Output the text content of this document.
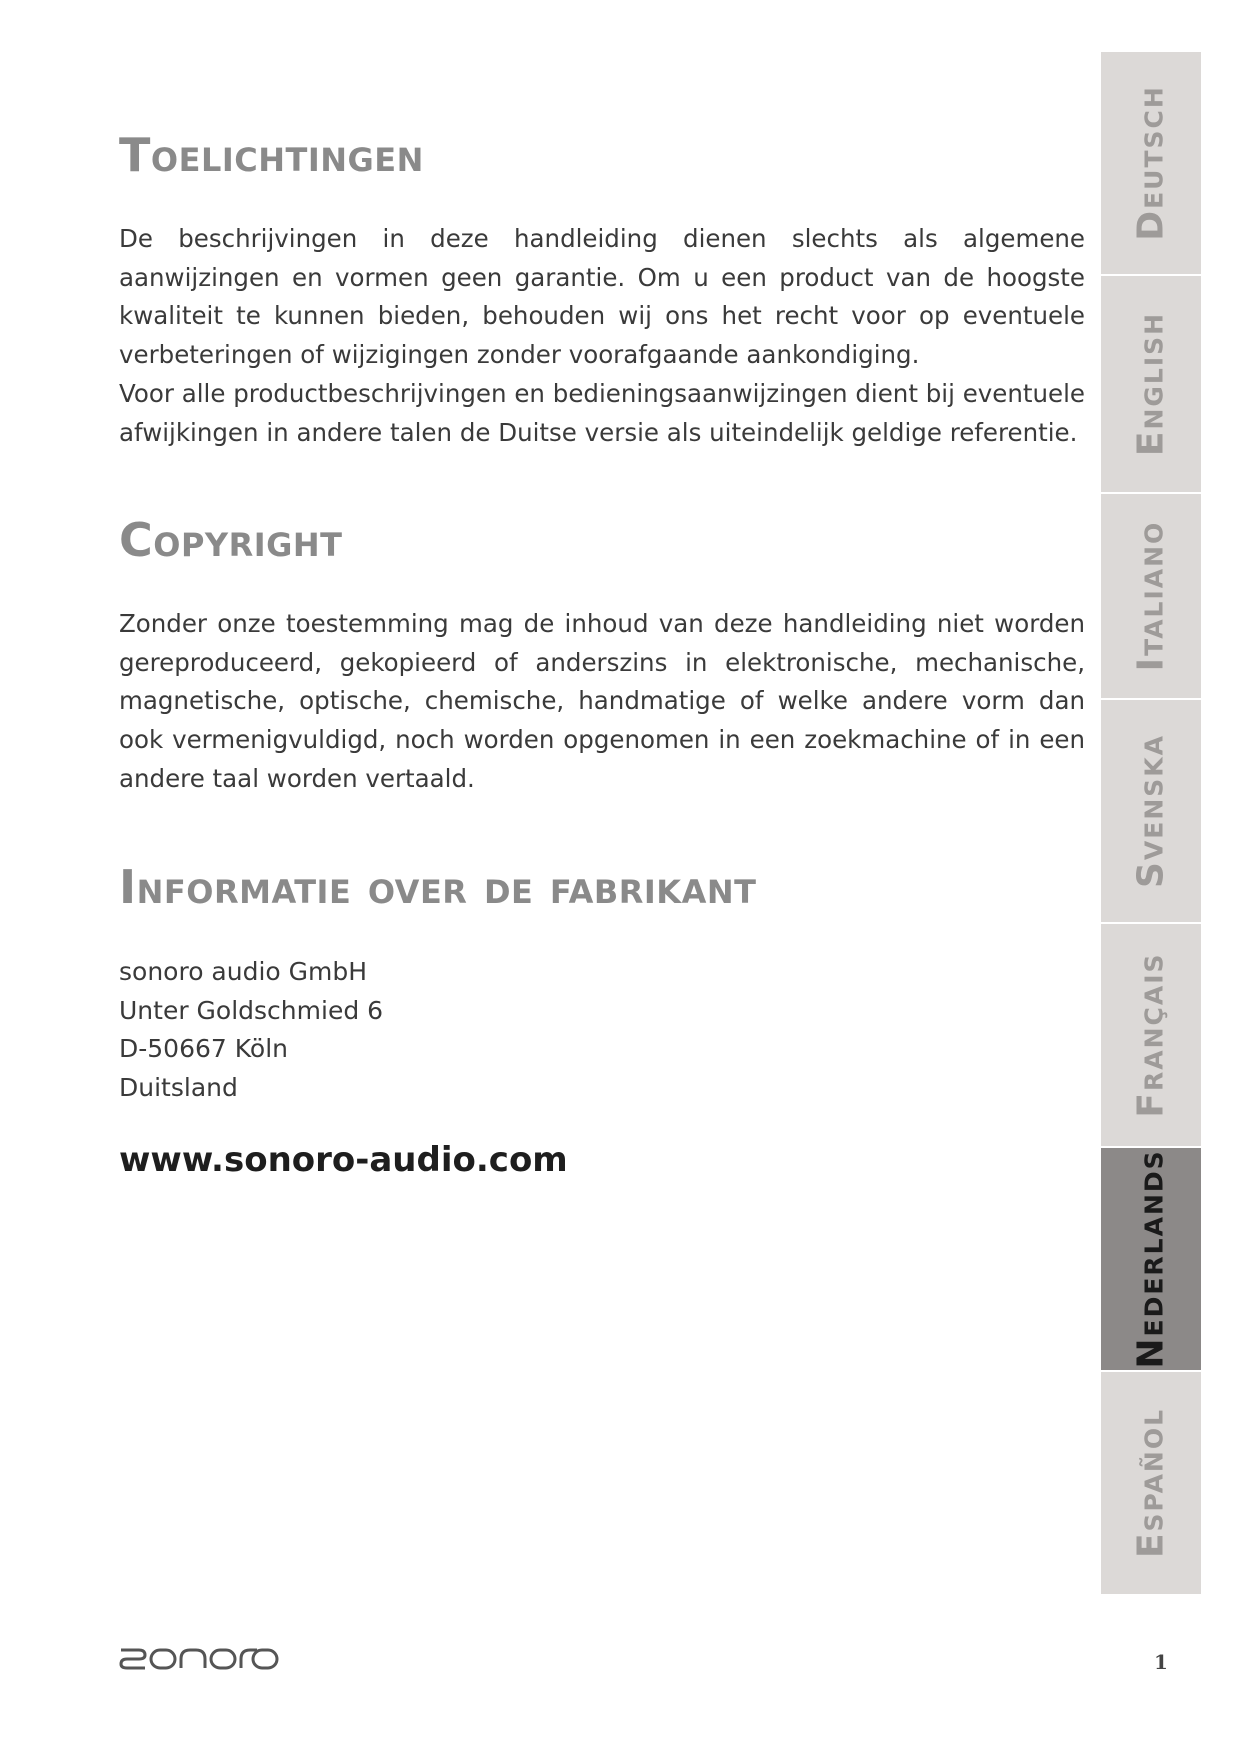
Toelichtingen
De beschrijvingen in deze handleiding dienen slechts als algemene aanwijzingen en vormen geen garantie. Om u een product van de hoogste kwaliteit te kunnen bieden, behouden wij ons het recht voor op eventuele verbeteringen of wijzigingen zonder voorafgaande aankondiging.
Voor alle productbeschrijvingen en bedieningsaanwijzingen dient bij eventuele afwijkingen in andere talen de Duitse versie als uiteindelijk geldige referentie.
Copyright
Zonder onze toestemming mag de inhoud van deze handleiding niet worden gereproduceerd, gekopieerd of anderszins in elektronische, mechanische, magnetische, optische, chemische, handmatige of welke andere vorm dan ook vermenigvuldigd, noch worden opgenomen in een zoekmachine of in een andere taal worden vertaald.
Informatie over de fabrikant
sonoro audio GmbH
Unter Goldschmied 6
D-50667 Köln
Duitsland
www.sonoro-audio.com
Deutsch
English
Italiano
Svenska
Français
Nederlands
Español
1
